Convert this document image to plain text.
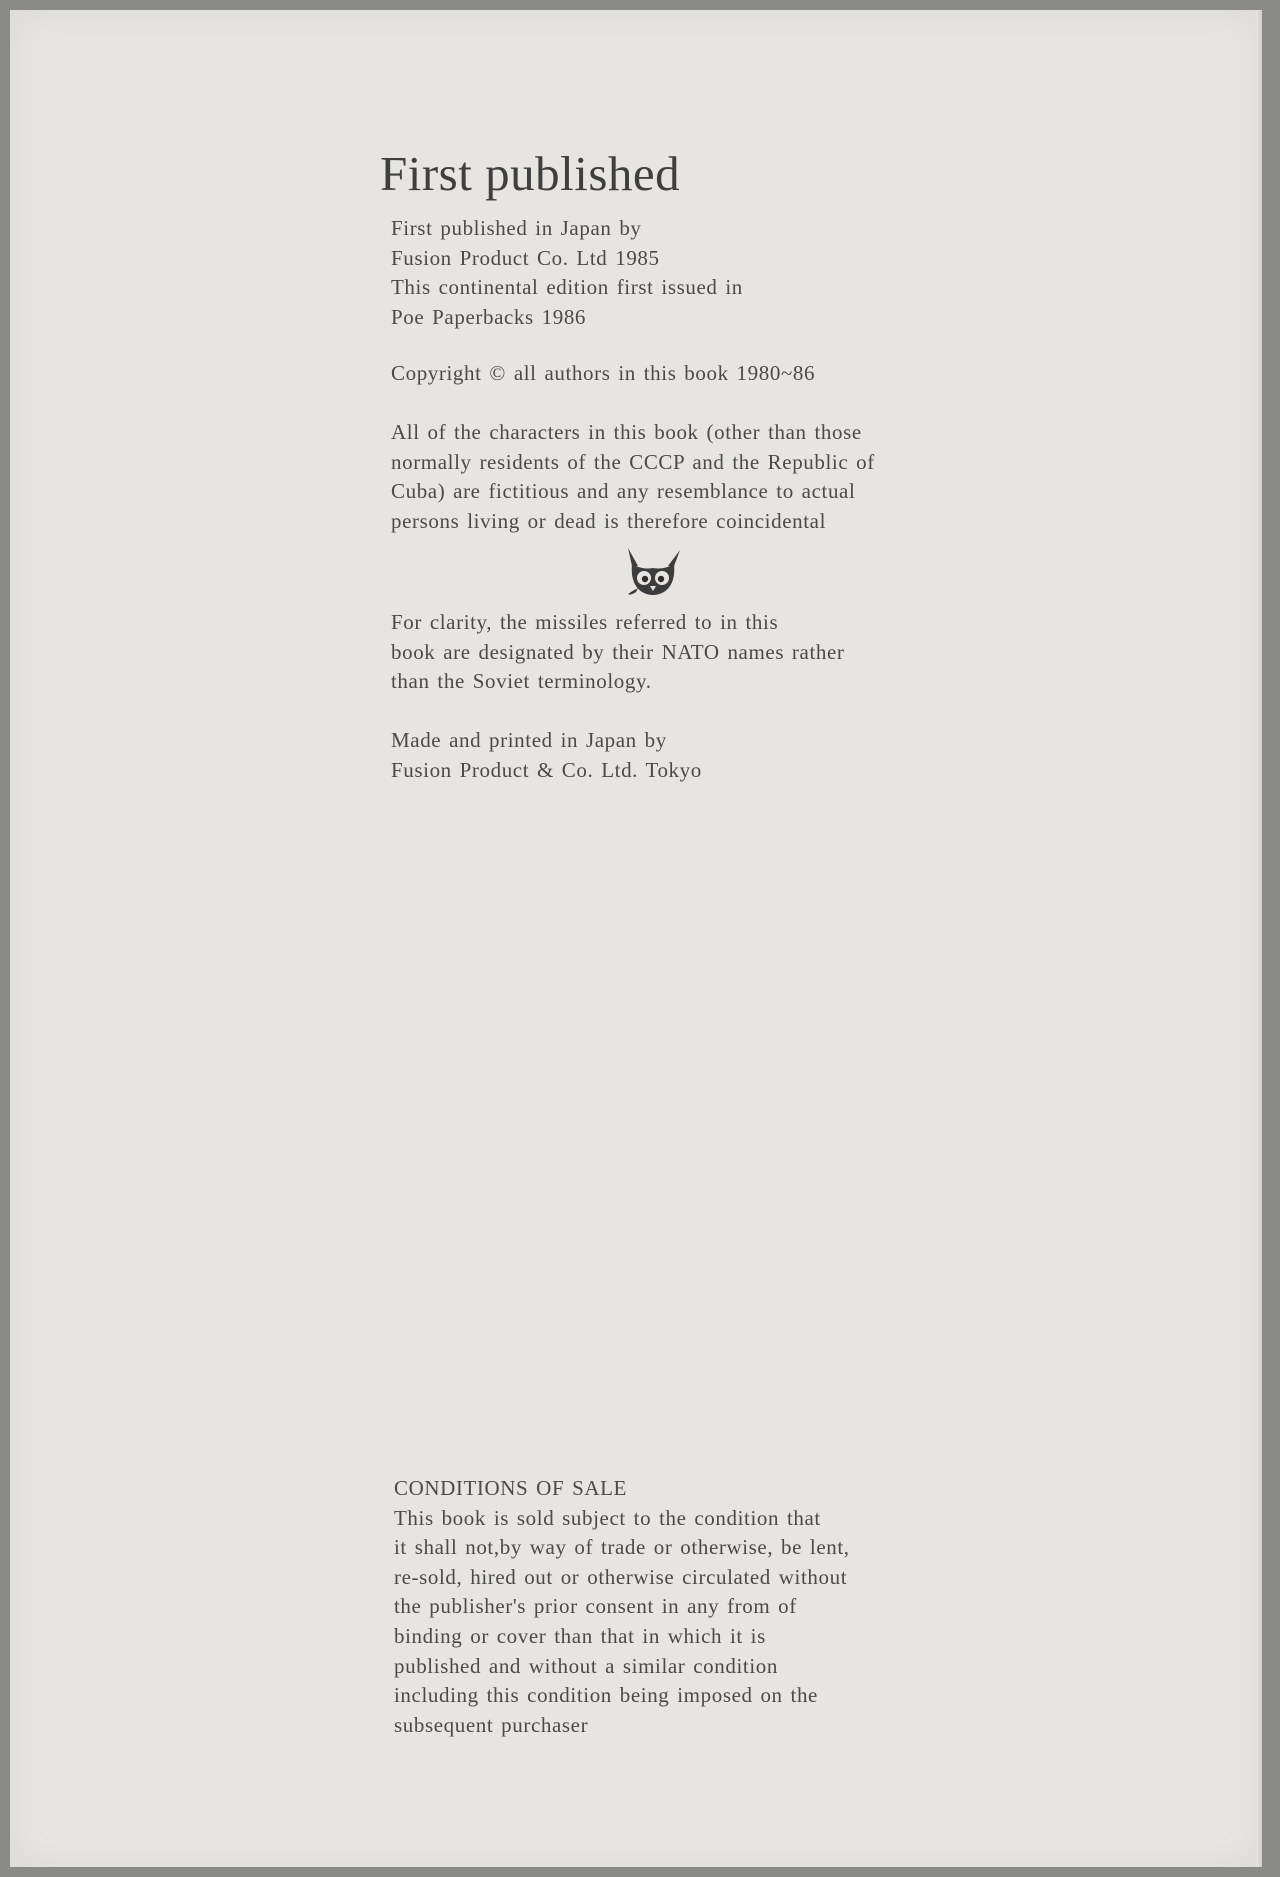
First published

First published in Japan by

Fusion Product Co. Ltd 1985

This continental edition first issued in

Poe Paperbacks 1986

Copyright © all authors in this book 1980~86

All of the characters in this book (other than those

normally residents of the CCCP and the Republic of

Cuba) are fictitious and any resemblance to actual

persons living or dead is therefore coincidental

For clarity, the missiles referred to in this

book are designated by their NATO names rather

than the Soviet terminology.

Made and printed in Japan by

Fusion Product & Co. Ltd. Tokyo

CONDITIONS OF SALE

This book is sold subject to the condition that

it shall not,by way of trade or otherwise, be lent,

re-sold, hired out or otherwise circulated without

the publisher's prior consent in any from of

binding or cover than that in which it is

published and without a similar condition

including this condition being imposed on the

subsequent purchaser
